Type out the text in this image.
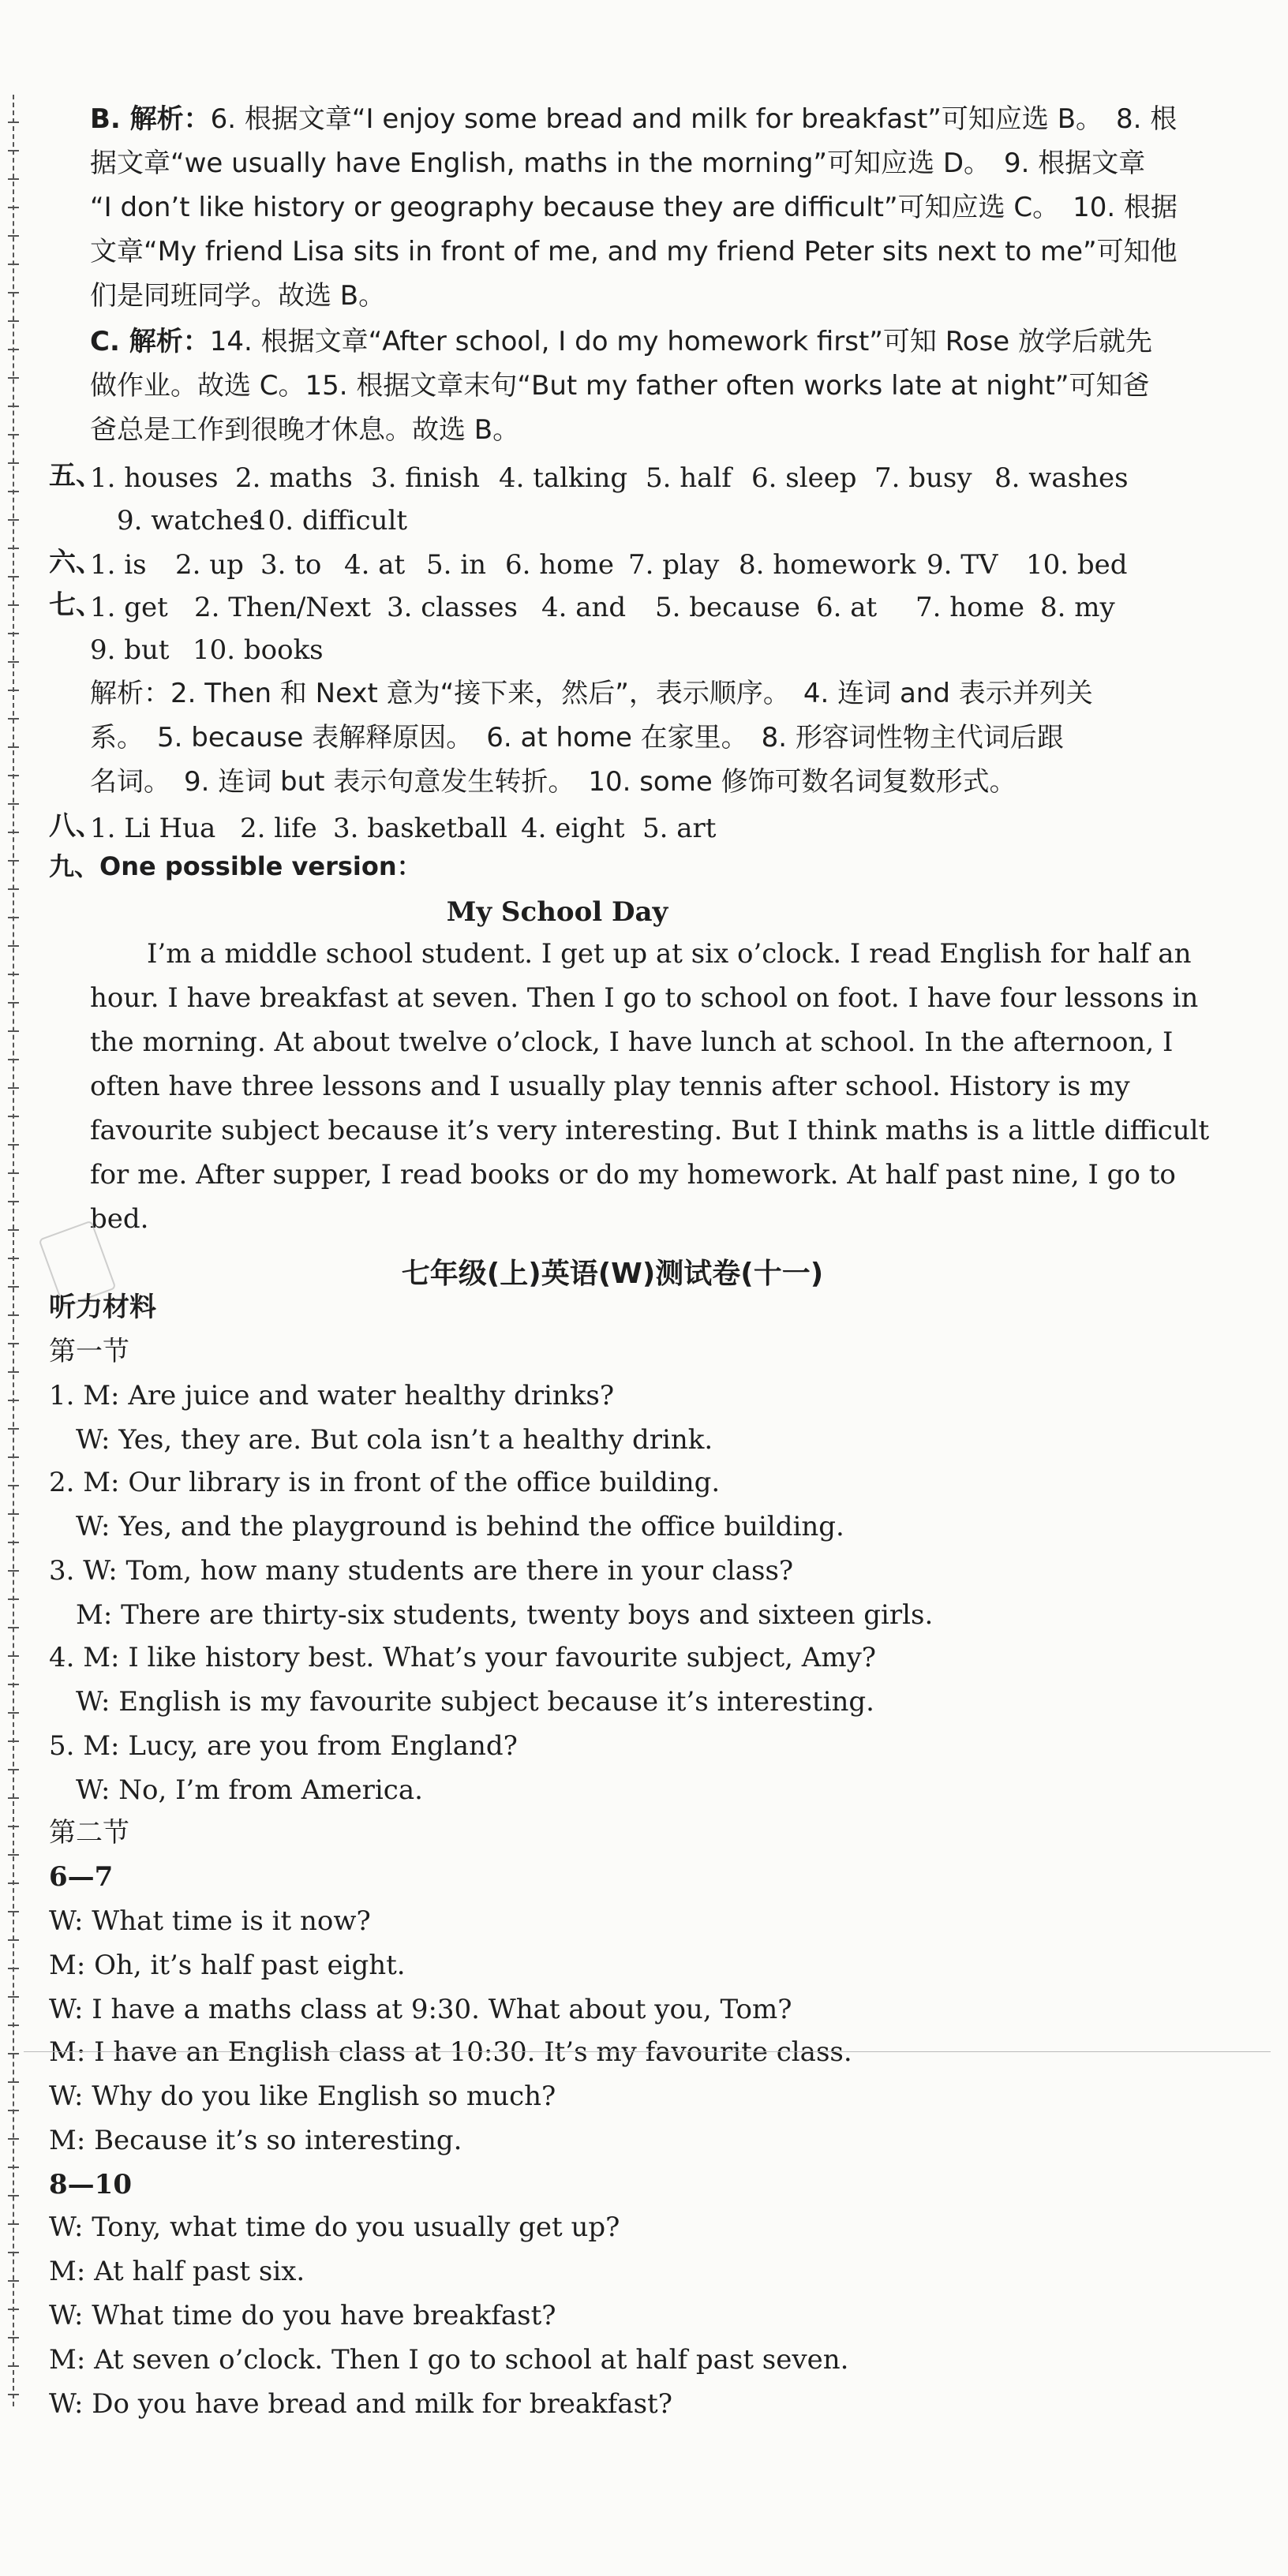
B. 解析：6. 根据文章“I enjoy some bread and milk for breakfast”可知应选 B。　8. 根
据文章“we usually have English, maths in the morning”可知应选 D。　9. 根据文章
“I don’t like history or geography because they are difficult”可知应选 C。　10. 根据
文章“My friend Lisa sits in front of me, and my friend Peter sits next to me”可知他
们是同班同学。故选 B。
C. 解析：14. 根据文章“After school, I do my homework first”可知 Rose 放学后就先
做作业。故选 C。15. 根据文章末句“But my father often works late at night”可知爸
爸总是工作到很晚才休息。故选 B。
五、
1. houses 2. maths 3. finish 4. talking 5. half 6. sleep 7. busy 8. washes
9. watches
10. difficult
六、
1. is 2. up 3. to 4. at 5. in 6. home 7. play 8. homework 9. TV 10. bed
七、
1. get 2. Then/Next 3. classes 4. and 5. because 6. at 7. home 8. my
9. but 10. books
解析：2. Then 和 Next 意为“接下来，然后”，表示顺序。　4. 连词 and 表示并列关
系。　5. because 表解释原因。　6. at home 在家里。　8. 形容词性物主代词后跟
名词。　9. 连词 but 表示句意发生转折。　10. some 修饰可数名词复数形式。
八、
1. Li Hua 2. life 3. basketball 4. eight 5. art
九、One possible version：
My School Day
I’m a middle school student. I get up at six o’clock. I read English for half an
hour. I have breakfast at seven. Then I go to school on foot. I have four lessons in
the morning. At about twelve o’clock, I have lunch at school. In the afternoon, I
often have three lessons and I usually play tennis after school. History is my
favourite subject because it’s very interesting. But I think maths is a little difficult
for me. After supper, I read books or do my homework. At half past nine, I go to
bed.
七年级(上)英语(W)测试卷(十一)
听力材料
第一节
1. M: Are juice and water healthy drinks?
W: Yes, they are. But cola isn’t a healthy drink.
2. M: Our library is in front of the office building.
W: Yes, and the playground is behind the office building.
3. W: Tom, how many students are there in your class?
M: There are thirty-six students, twenty boys and sixteen girls.
4. M: I like history best. What’s your favourite subject, Amy?
W: English is my favourite subject because it’s interesting.
5. M: Lucy, are you from England?
W: No, I’m from America.
第二节
6—7
W: What time is it now?
M: Oh, it’s half past eight.
W: I have a maths class at 9:30. What about you, Tom?
M: I have an English class at 10:30. It’s my favourite class.
W: Why do you like English so much?
M: Because it’s so interesting.
8—10
W: Tony, what time do you usually get up?
M: At half past six.
W: What time do you have breakfast?
M: At seven o’clock. Then I go to school at half past seven.
W: Do you have bread and milk for breakfast?
